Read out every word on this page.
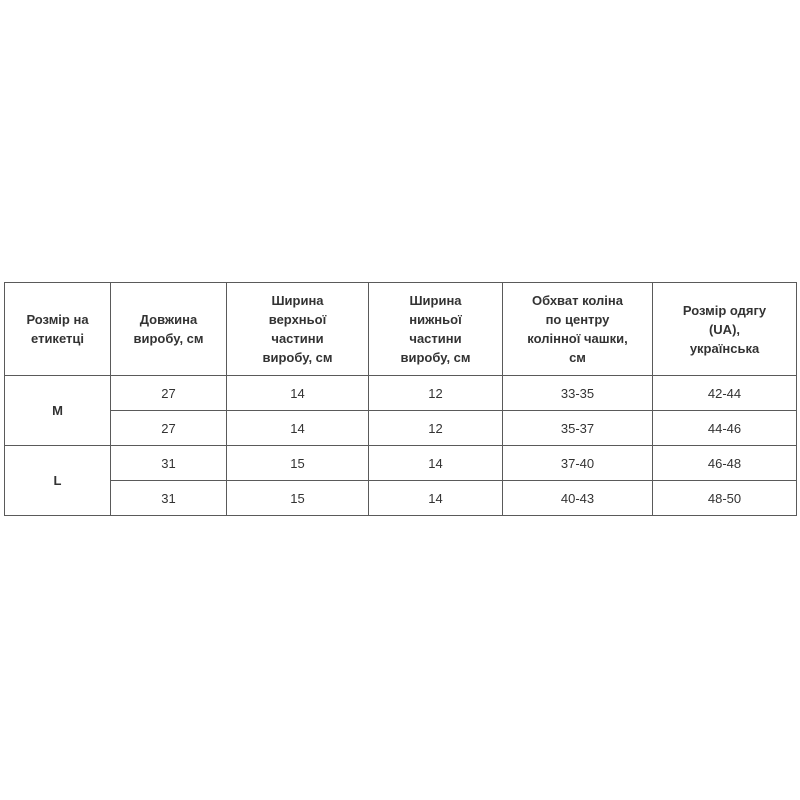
Розмір на
етикетці	Довжина
виробу, см	Ширина
верхньої
частини
виробу, см	Ширина
нижньої
частини
виробу, см	Обхват коліна
по центру
колінної чашки,
см	Розмір одягу
(UA),
українська

M	27	14	12	33-35	42-44
	27	14	12	35-37	44-46
L	31	15	14	37-40	46-48
	31	15	14	40-43	48-50
